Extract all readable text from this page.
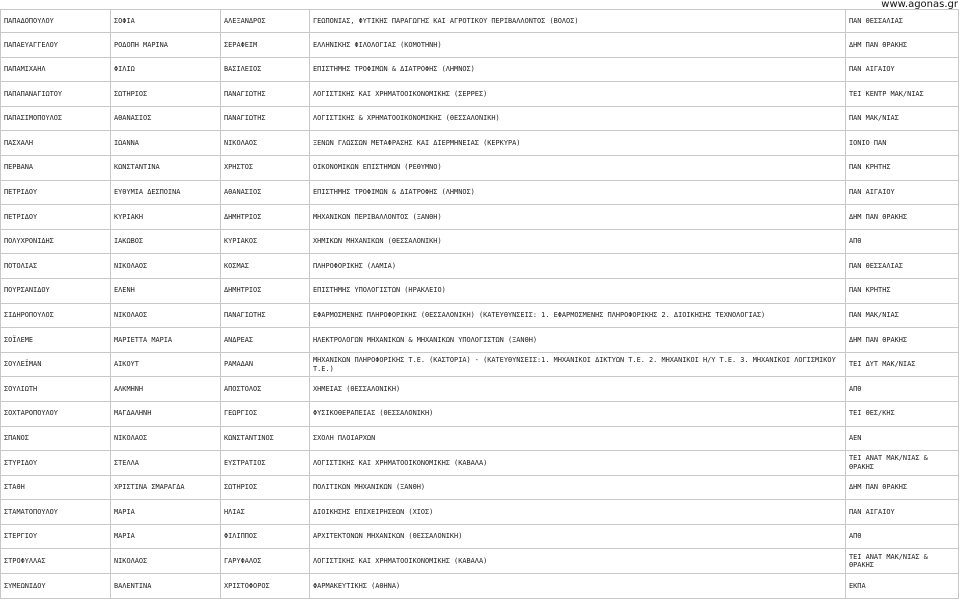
www.agonas.gr
ΠΑΠΑΔΟΠΟΥΛΟΥ	ΣΟΦΙΑ	ΑΛΕΞΑΝΔΡΟΣ	ΓΕΩΠΟΝΙΑΣ, ΦΥΤΙΚΗΣ ΠΑΡΑΓΩΓΗΣ ΚΑΙ ΑΓΡΟΤΙΚΟΥ ΠΕΡΙΒΑΛΛΟΝΤΟΣ (ΒΟΛΟΣ)	ΠΑΝ ΘΕΣΣΑΛΙΑΣ
ΠΑΠΑΕΥΑΓΓΕΛΟΥ	ΡΟΔΟΠΗ ΜΑΡΙΝΑ	ΣΕΡΑΦΕΙΜ	ΕΛΛΗΝΙΚΗΣ ΦΙΛΟΛΟΓΙΑΣ (ΚΟΜΟΤΗΝΗ)	ΔΗΜ ΠΑΝ ΘΡΑΚΗΣ
ΠΑΠΑΜΙΧΑΗΛ	ΦΙΛΙΩ	ΒΑΣΙΛΕΙΟΣ	ΕΠΙΣΤΗΜΗΣ ΤΡΟΦΙΜΩΝ & ΔΙΑΤΡΟΦΗΣ (ΛΗΜΝΟΣ)	ΠΑΝ ΑΙΓΑΙΟΥ
ΠΑΠΑΠΑΝΑΓΙΩΤΟΥ	ΣΩΤΗΡΙΟΣ	ΠΑΝΑΓΙΩΤΗΣ	ΛΟΓΙΣΤΙΚΗΣ ΚΑΙ ΧΡΗΜΑΤΟΟΙΚΟΝΟΜΙΚΗΣ (ΣΕΡΡΕΣ)	ΤΕΙ ΚΕΝΤΡ ΜΑΚ/ΝΙΑΣ
ΠΑΠΑΣΙΜΟΠΟΥΛΟΣ	ΑΘΑΝΑΣΙΟΣ	ΠΑΝΑΓΙΩΤΗΣ	ΛΟΓΙΣΤΙΚΗΣ & ΧΡΗΜΑΤΟΟΙΚΟΝΟΜΙΚΗΣ (ΘΕΣΣΑΛΟΝΙΚΗ)	ΠΑΝ ΜΑΚ/ΝΙΑΣ
ΠΑΣΧΑΛΗ	ΙΩΑΝΝΑ	ΝΙΚΟΛΑΟΣ	ΞΕΝΩΝ ΓΛΩΣΣΩΝ ΜΕΤΑΦΡΑΣΗΣ ΚΑΙ ΔΙΕΡΜΗΝΕΙΑΣ (ΚΕΡΚΥΡΑ)	ΙΟΝΙΟ ΠΑΝ
ΠΕΡΒΑΝΑ	ΚΩΝΣΤΑΝΤΙΝΑ	ΧΡΗΣΤΟΣ	ΟΙΚΟΝΟΜΙΚΩΝ ΕΠΙΣΤΗΜΩΝ (ΡΕΘΥΜΝΟ)	ΠΑΝ ΚΡΗΤΗΣ
ΠΕΤΡΙΔΟΥ	ΕΥΘΥΜΙΑ ΔΕΣΠΟΙΝΑ	ΑΘΑΝΑΣΙΟΣ	ΕΠΙΣΤΗΜΗΣ ΤΡΟΦΙΜΩΝ & ΔΙΑΤΡΟΦΗΣ (ΛΗΜΝΟΣ)	ΠΑΝ ΑΙΓΑΙΟΥ
ΠΕΤΡΙΔΟΥ	ΚΥΡΙΑΚΗ	ΔΗΜΗΤΡΙΟΣ	ΜΗΧΑΝΙΚΩΝ ΠΕΡΙΒΑΛΛΟΝΤΟΣ (ΞΑΝΘΗ)	ΔΗΜ ΠΑΝ ΘΡΑΚΗΣ
ΠΟΛΥΧΡΟΝΙΔΗΣ	ΙΑΚΩΒΟΣ	ΚΥΡΙΑΚΟΣ	ΧΗΜΙΚΩΝ ΜΗΧΑΝΙΚΩΝ (ΘΕΣΣΑΛΟΝΙΚΗ)	ΑΠΘ
ΠΟΤΟΛΙΑΣ	ΝΙΚΟΛΑΟΣ	ΚΟΣΜΑΣ	ΠΛΗΡΟΦΟΡΙΚΗΣ (ΛΑΜΙΑ)	ΠΑΝ ΘΕΣΣΑΛΙΑΣ
ΠΟΥΡΣΑΝΙΔΟΥ	ΕΛΕΝΗ	ΔΗΜΗΤΡΙΟΣ	ΕΠΙΣΤΗΜΗΣ ΥΠΟΛΟΓΙΣΤΩΝ (ΗΡΑΚΛΕΙΟ)	ΠΑΝ ΚΡΗΤΗΣ
ΣΙΔΗΡΟΠΟΥΛΟΣ	ΝΙΚΟΛΑΟΣ	ΠΑΝΑΓΙΩΤΗΣ	ΕΦΑΡΜΟΣΜΕΝΗΣ ΠΛΗΡΟΦΟΡΙΚΗΣ (ΘΕΣΣΑΛΟΝΙΚΗ) (ΚΑΤΕΥΘΥΝΣΕΙΣ: 1. ΕΦΑΡΜΟΣΜΕΝΗΣ ΠΛΗΡΟΦΟΡΙΚΗΣ 2. ΔΙΟΙΚΗΣΗΣ ΤΕΧΝΟΛΟΓΙΑΣ)	ΠΑΝ ΜΑΚ/ΝΙΑΣ
ΣΟΪΛΕΜΕ	ΜΑΡΙΕΤΤΑ ΜΑΡΙΑ	ΑΝΔΡΕΑΣ	ΗΛΕΚΤΡΟΛΟΓΩΝ ΜΗΧΑΝΙΚΩΝ & ΜΗΧΑΝΙΚΩΝ ΥΠΟΛΟΓΙΣΤΩΝ (ΞΑΝΘΗ)	ΔΗΜ ΠΑΝ ΘΡΑΚΗΣ
ΣΟΥΛΕΪΜΑΝ	ΑΙΚΟΥΤ	ΡΑΜΑΔΑΝ	ΜΗΧΑΝΙΚΩΝ ΠΛΗΡΟΦΟΡΙΚΗΣ Τ.Ε. (ΚΑΣΤΟΡΙΑ) - (ΚΑΤΕΥΘΥΝΣΕΙΣ:1. ΜΗΧΑΝΙΚΟΙ ΔΙΚΤΥΩΝ Τ.Ε. 2. ΜΗΧΑΝΙΚΟΙ Η/Υ Τ.Ε. 3. ΜΗΧΑΝΙΚΟΙ ΛΟΓΙΣΜΙΚΟΥ Τ.Ε.)	ΤΕΙ ΔΥΤ ΜΑΚ/ΝΙΑΣ
ΣΟΥΛΙΩΤΗ	ΑΛΚΜΗΝΗ	ΑΠΟΣΤΟΛΟΣ	ΧΗΜΕΙΑΣ (ΘΕΣΣΑΛΟΝΙΚΗ)	ΑΠΘ
ΣΟΧΤΑΡΟΠΟΥΛΟΥ	ΜΑΓΔΑΛΗΝΗ	ΓΕΩΡΓΙΟΣ	ΦΥΣΙΚΟΘΕΡΑΠΕΙΑΣ (ΘΕΣΣΑΛΟΝΙΚΗ)	ΤΕΙ ΘΕΣ/ΚΗΣ
ΣΠΑΝΟΣ	ΝΙΚΟΛΑΟΣ	ΚΩΝΣΤΑΝΤΙΝΟΣ	ΣΧΟΛΗ ΠΛΟΙΑΡΧΩΝ	ΑΕΝ
ΣΤΥΡΙΔΟΥ	ΣΤΕΛΛΑ	ΕΥΣΤΡΑΤΙΟΣ	ΛΟΓΙΣΤΙΚΗΣ ΚΑΙ ΧΡΗΜΑΤΟΟΙΚΟΝΟΜΙΚΗΣ (ΚΑΒΑΛΑ)	ΤΕΙ ΑΝΑΤ ΜΑΚ/ΝΙΑΣ & ΘΡΑΚΗΣ
ΣΤΑΘΗ	ΧΡΙΣΤΙΝΑ ΣΜΑΡΑΓΔΑ	ΣΩΤΗΡΙΟΣ	ΠΟΛΙΤΙΚΩΝ ΜΗΧΑΝΙΚΩΝ (ΞΑΝΘΗ)	ΔΗΜ ΠΑΝ ΘΡΑΚΗΣ
ΣΤΑΜΑΤΟΠΟΥΛΟΥ	ΜΑΡΙΑ	ΗΛΙΑΣ	ΔΙΟΙΚΗΣΗΣ ΕΠΙΧΕΙΡΗΣΕΩΝ (ΧΙΟΣ)	ΠΑΝ ΑΙΓΑΙΟΥ
ΣΤΕΡΓΙΟΥ	ΜΑΡΙΑ	ΦΙΛΙΠΠΟΣ	ΑΡΧΙΤΕΚΤΟΝΩΝ ΜΗΧΑΝΙΚΩΝ (ΘΕΣΣΑΛΟΝΙΚΗ)	ΑΠΘ
ΣΤΡΟΦΥΛΛΑΣ	ΝΙΚΟΛΑΟΣ	ΓΑΡΥΦΑΛΟΣ	ΛΟΓΙΣΤΙΚΗΣ ΚΑΙ ΧΡΗΜΑΤΟΟΙΚΟΝΟΜΙΚΗΣ (ΚΑΒΑΛΑ)	ΤΕΙ ΑΝΑΤ ΜΑΚ/ΝΙΑΣ & ΘΡΑΚΗΣ
ΣΥΜΕΩΝΙΔΟΥ	ΒΑΛΕΝΤΙΝΑ	ΧΡΙΣΤΟΦΟΡΟΣ	ΦΑΡΜΑΚΕΥΤΙΚΗΣ (ΑΘΗΝΑ)	ΕΚΠΑ
